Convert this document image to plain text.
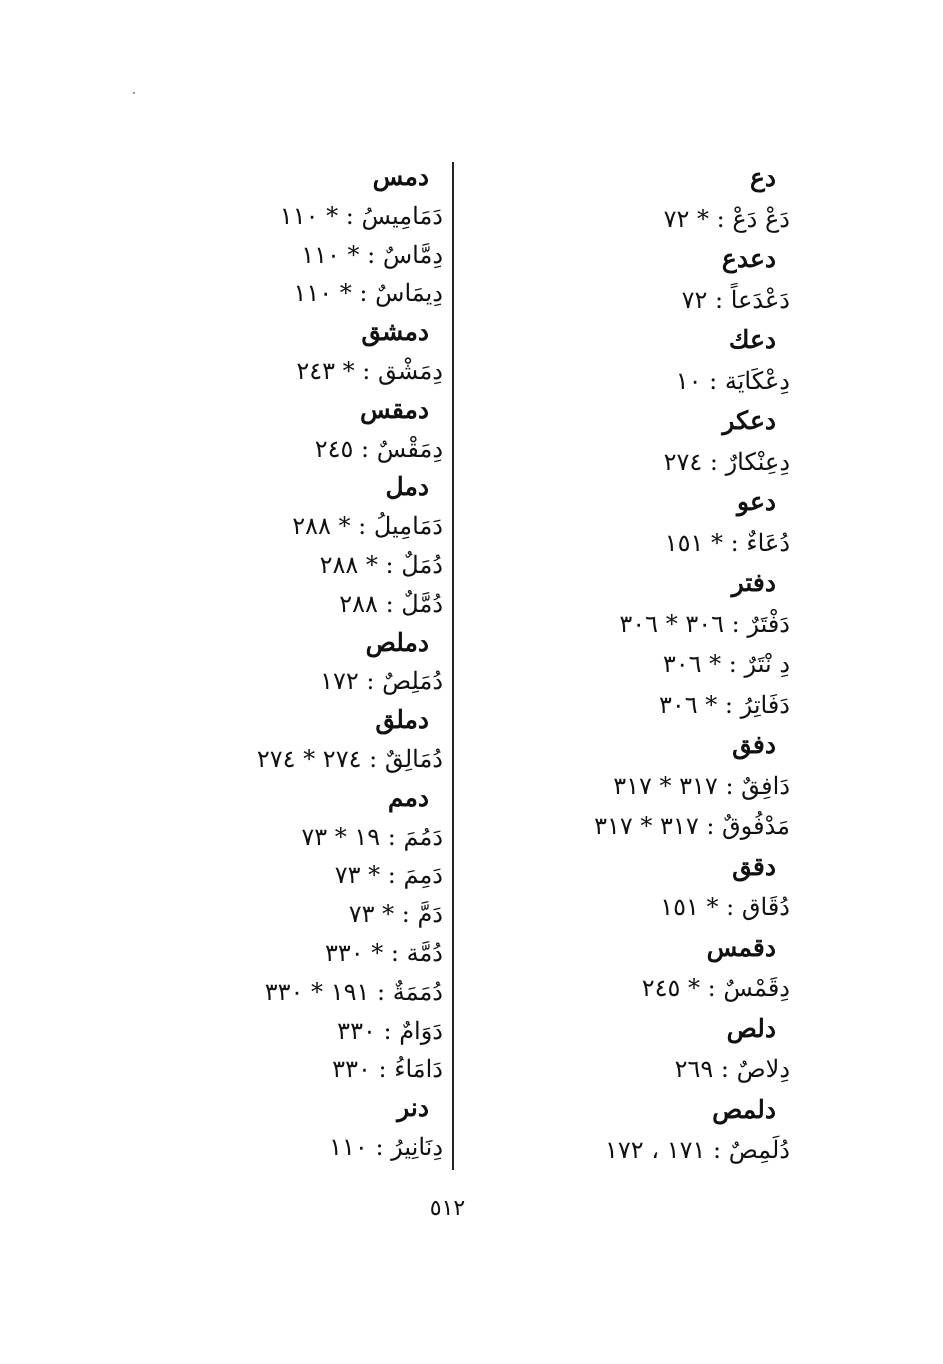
دع
دَعْ دَعْ : * ٧٢
دعدع
دَعْدَعاً : ٧٢
دعك
دِعْكَايَة : ١٠
دعكر
دِعِنْكارٌ : ٢٧٤
دعو
دُعَاءٌ : * ١٥١
دفتر
دَفْتَرٌ : ٣٠٦ * ٣٠٦
دِ نْتَرٌ : * ٣٠٦
دَفَاتِرُ : * ٣٠٦
دفق
دَافِقٌ : ٣١٧ * ٣١٧
مَدْفُوقٌ : ٣١٧ * ٣١٧
دقق
دُقَاق : * ١٥١
دقمس
دِقَمْسٌ : * ٢٤٥
دلص
دِلاصٌ : ٢٦٩
دلمص
دُلَمِصٌ : ١٧١ ، ١٧٢
دمس
دَمَامِيسُ : * ١١٠
دِمَّاسٌ : * ١١٠
دِيمَاسٌ : * ١١٠
دمشق
دِمَشْق : * ٢٤٣
دمقس
دِمَقْسٌ : ٢٤٥
دمل
دَمَامِيلُ : * ٢٨٨
دُمَلٌ : * ٢٨٨
دُمَّلٌ : ٢٨٨
دملص
دُمَلِصٌ : ١٧٢
دملق
دُمَالِقٌ : ٢٧٤ * ٢٧٤
دمم
دَمُمَ : ١٩ * ٧٣
دَمِمَ : * ٧٣
دَمَّ : * ٧٣
دُمَّة : * ٣٣٠
دُمَمَةٌ : ١٩١ * ٣٣٠
دَوَامٌ : ٣٣٠
دَامَاءُ : ٣٣٠
دنر
دِنَانِيرُ : ١١٠
٥١٢
